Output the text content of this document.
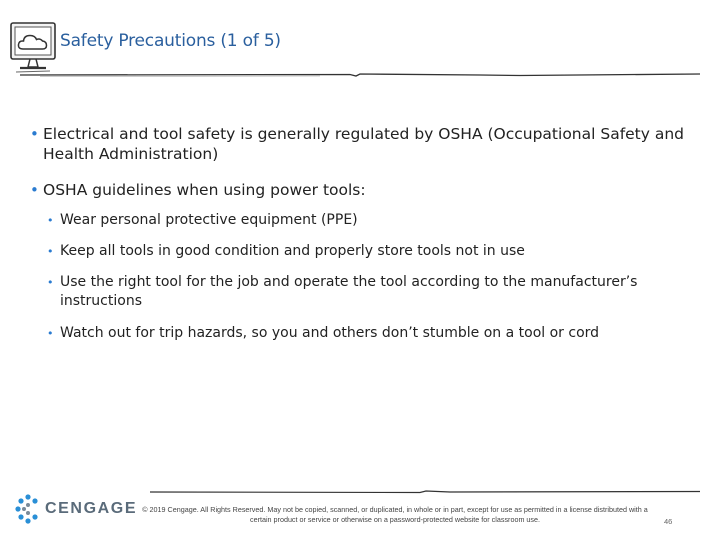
Safety Precautions (1 of 5)
• Electrical and tool safety is generally regulated by OSHA (Occupational Safety and Health Administration)
• OSHA guidelines when using power tools:
• Wear personal protective equipment (PPE)
• Keep all tools in good condition and properly store tools not in use
• Use the right tool for the job and operate the tool according to the manufacturer’s instructions
• Watch out for trip hazards, so you and others don’t stumble on a tool or cord
CENGAGE © 2019 Cengage. All Rights Reserved. May not be copied, scanned, or duplicated, in whole or in part, except for use as permitted in a license distributed with a certain product or service or otherwise on a password-protected website for classroom use.	46
